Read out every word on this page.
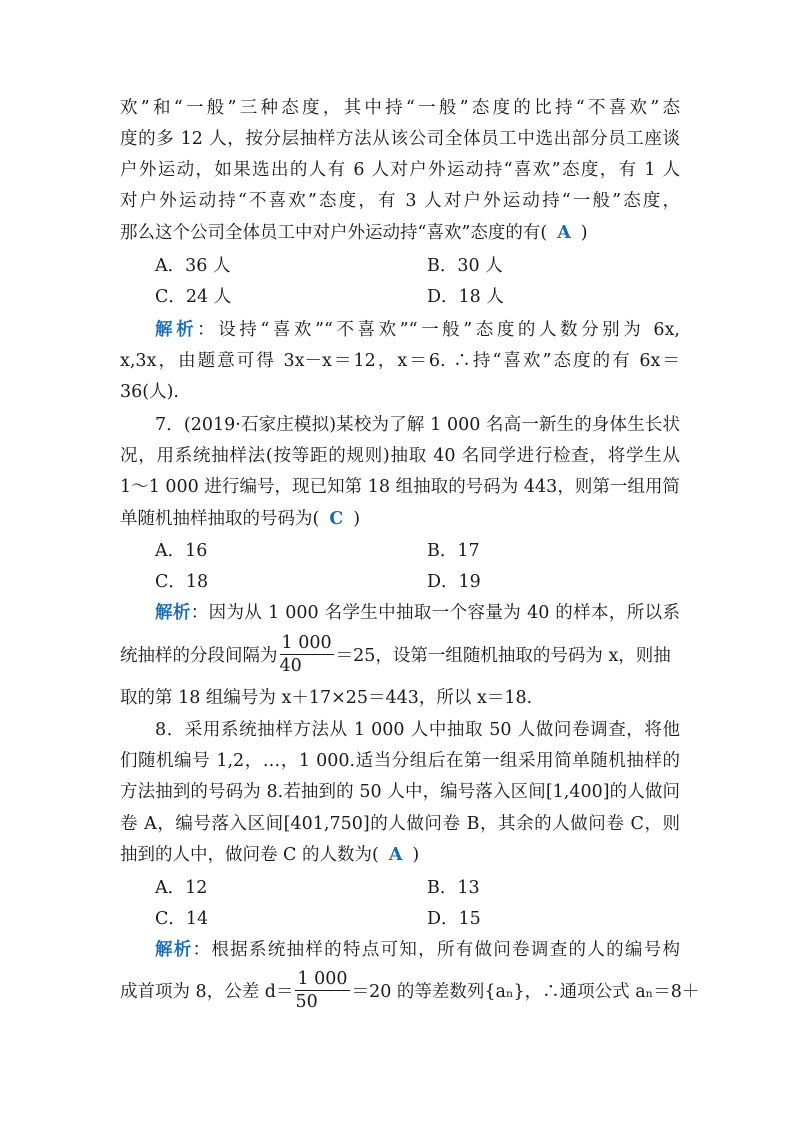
欢”和“一般”三种态度，其中持“一般”态度的比持“不喜欢”态
度的多 12 人，按分层抽样方法从该公司全体员工中选出部分员工座谈
户外运动，如果选出的人有 6 人对户外运动持“喜欢”态度，有 1 人
对户外运动持“不喜欢”态度，有 3 人对户外运动持“一般”态度，
那么这个公司全体员工中对户外运动持“喜欢”态度的有( A )
A．36 人	B．30 人
C．24 人	D．18 人
解析：设持“喜欢”“不喜欢”“一般”态度的人数分别为 6x,
x,3x，由题意可得 3x－x＝12，x＝6. ∴持“喜欢”态度的有 6x＝
36(人).
7．(2019·石家庄模拟)某校为了解 1 000 名高一新生的身体生长状
况，用系统抽样法(按等距的规则)抽取 40 名同学进行检查，将学生从
1～1 000 进行编号，现已知第 18 组抽取的号码为 443，则第一组用简
单随机抽样抽取的号码为( C )
A．16	B．17
C．18	D．19
解析：因为从 1 000 名学生中抽取一个容量为 40 的样本，所以系
统抽样的分段间隔为 $\frac{1 000}{40} =25$，设第一组随机抽取的号码为 x，则抽
取的第 18 组编号为 x＋17×25＝443，所以 x＝18.
8．采用系统抽样方法从 1 000 人中抽取 50 人做问卷调查，将他
们随机编号 1,2，…，1 000.适当分组后在第一组采用简单随机抽样的
方法抽到的号码为 8.若抽到的 50 人中，编号落入区间[1,400]的人做问
卷 A，编号落入区间[401,750]的人做问卷 B，其余的人做问卷 C，则
抽到的人中，做问卷 C 的人数为( A )
A．12	B．13
C．14	D．15
解析：根据系统抽样的特点可知，所有做问卷调查的人的编号构
成首项为 8，公差 $d= \frac{1 000}{50} =20$ 的等差数列{aₙ}，∴通项公式 aₙ＝8＋
